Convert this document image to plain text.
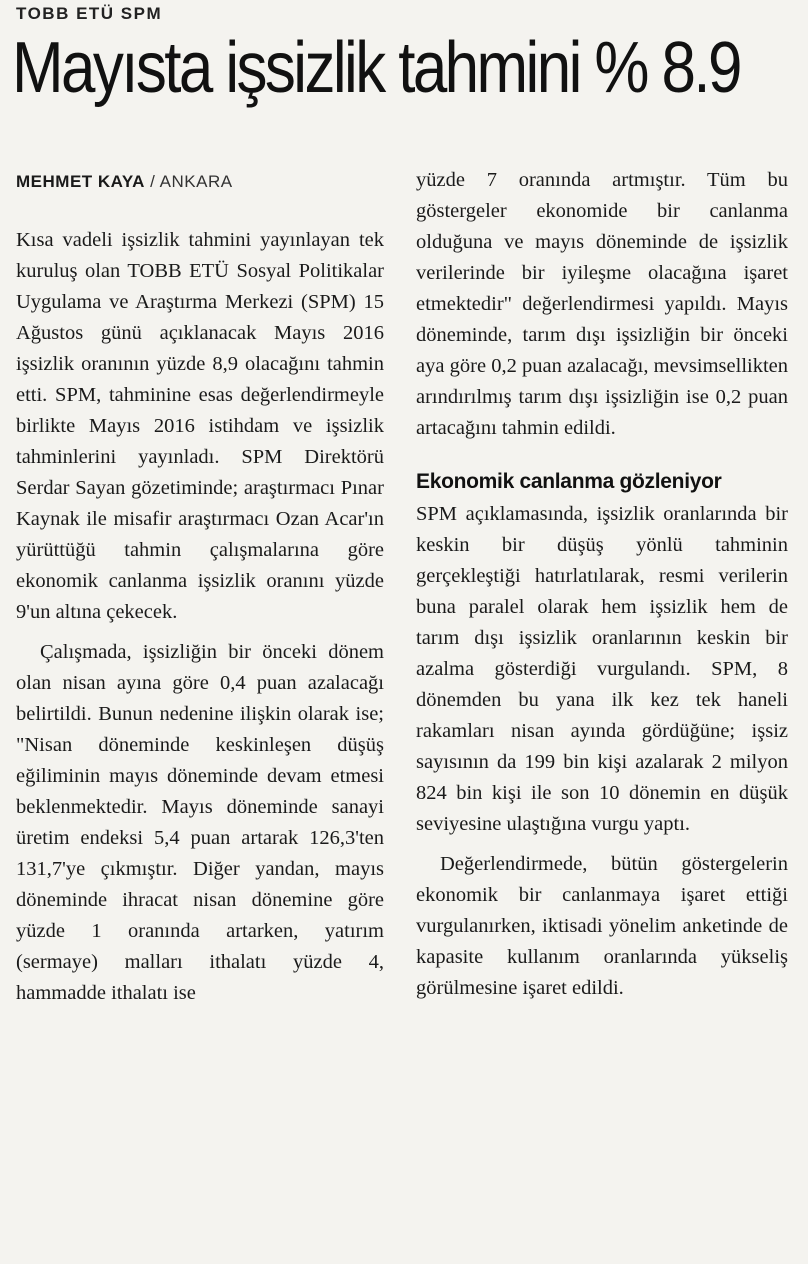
TOBB ETÜ SPM
Mayısta işsizlik tahmini % 8.9
MEHMET KAYA / ANKARA

Kısa vadeli işsizlik tahmini yayınlayan tek kuruluş olan TOBB ETÜ Sosyal Politikalar Uygulama ve Araştırma Merkezi (SPM) 15 Ağustos günü açıklanacak Mayıs 2016 işsizlik oranının yüzde 8,9 olacağını tahmin etti. SPM, tahminine esas değerlendirmeyle birlikte Mayıs 2016 istihdam ve işsizlik tahminlerini yayınladı. SPM Direktörü Serdar Sayan gözetiminde; araştırmacı Pınar Kaynak ile misafir araştırmacı Ozan Acar'ın yürüttüğü tahmin çalışmalarına göre ekonomik canlanma işsizlik oranını yüzde 9'un altına çekecek.

Çalışmada, işsizliğin bir önceki dönem olan nisan ayına göre 0,4 puan azalacağı belirtildi. Bunun nedenine ilişkin olarak ise; "Nisan döneminde keskinleşen düşüş eğiliminin mayıs döneminde devam etmesi beklenmektedir. Mayıs döneminde sanayi üretim endeksi 5,4 puan artarak 126,3'ten 131,7'ye çıkmıştır. Diğer yandan, mayıs döneminde ihracat nisan dönemine göre yüzde 1 oranında artarken, yatırım (sermaye) malları ithalatı yüzde 4, hammadde ithalatı ise

yüzde 7 oranında artmıştır. Tüm bu göstergeler ekonomide bir canlanma olduğuna ve mayıs döneminde de işsizlik verilerinde bir iyileşme olacağına işaret etmektedir" değerlendirmesi yapıldı. Mayıs döneminde, tarım dışı işsizliğin bir önceki aya göre 0,2 puan azalacağı, mevsimsellikten arındırılmış tarım dışı işsizliğin ise 0,2 puan artacağını tahmin edildi.

Ekonomik canlanma gözleniyor

SPM açıklamasında, işsizlik oranlarında bir keskin bir düşüş yönlü tahminin gerçekleştiği hatırlatılarak, resmi verilerin buna paralel olarak hem işsizlik hem de tarım dışı işsizlik oranlarının keskin bir azalma gösterdiği vurgulandı. SPM, 8 dönemden bu yana ilk kez tek haneli rakamları nisan ayında gördüğüne; işsiz sayısının da 199 bin kişi azalarak 2 milyon 824 bin kişi ile son 10 dönemin en düşük seviyesine ulaştığına vurgu yaptı.

Değerlendirmede, bütün göstergelerin ekonomik bir canlanmaya işaret ettiği vurgulanırken, iktisadi yönelim anketinde de kapasite kullanım oranlarında yükseliş görülmesine işaret edildi.
